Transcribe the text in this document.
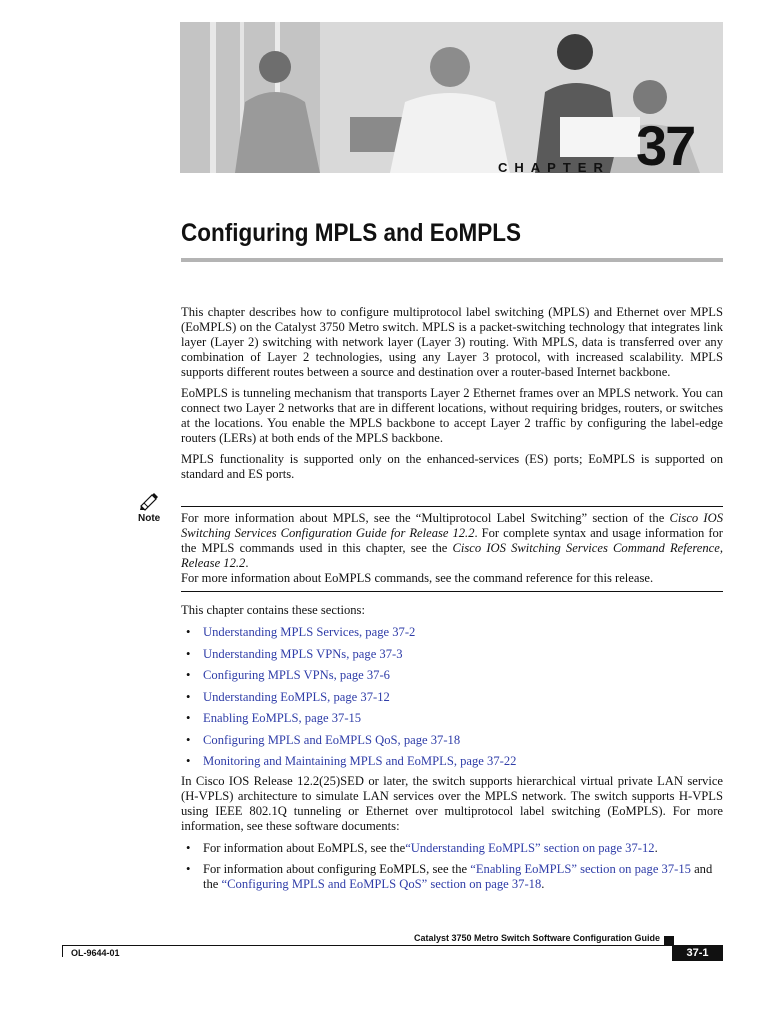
CHAPTER 37
Configuring MPLS and EoMPLS
This chapter describes how to configure multiprotocol label switching (MPLS) and Ethernet over MPLS (EoMPLS) on the Catalyst 3750 Metro switch. MPLS is a packet-switching technology that integrates link layer (Layer 2) switching with network layer (Layer 3) routing. With MPLS, data is transferred over any combination of Layer 2 technologies, using any Layer 3 protocol, with increased scalability. MPLS supports different routes between a source and destination over a router-based Internet backbone.
EoMPLS is tunneling mechanism that transports Layer 2 Ethernet frames over an MPLS network. You can connect two Layer 2 networks that are in different locations, without requiring bridges, routers, or switches at the locations. You enable the MPLS backbone to accept Layer 2 traffic by configuring the label-edge routers (LERs) at both ends of the MPLS backbone.
MPLS functionality is supported only on the enhanced-services (ES) ports; EoMPLS is supported on standard and ES ports.
Note For more information about MPLS, see the “Multiprotocol Label Switching” section of the Cisco IOS Switching Services Configuration Guide for Release 12.2. For complete syntax and usage information for the MPLS commands used in this chapter, see the Cisco IOS Switching Services Command Reference, Release 12.2.
For more information about EoMPLS commands, see the command reference for this release.
This chapter contains these sections:
• Understanding MPLS Services, page 37-2
• Understanding MPLS VPNs, page 37-3
• Configuring MPLS VPNs, page 37-6
• Understanding EoMPLS, page 37-12
• Enabling EoMPLS, page 37-15
• Configuring MPLS and EoMPLS QoS, page 37-18
• Monitoring and Maintaining MPLS and EoMPLS, page 37-22
In Cisco IOS Release 12.2(25)SED or later, the switch supports hierarchical virtual private LAN service (H-VPLS) architecture to simulate LAN services over the MPLS network. The switch supports H-VPLS using IEEE 802.1Q tunneling or Ethernet over multiprotocol label switching (EoMPLS). For more information, see these software documents:
• For information about EoMPLS, see the“Understanding EoMPLS” section on page 37-12.
• For information about configuring EoMPLS, see the “Enabling EoMPLS” section on page 37-15 and the “Configuring MPLS and EoMPLS QoS” section on page 37-18.
Catalyst 3750 Metro Switch Software Configuration Guide
OL-9644-01	37-1
